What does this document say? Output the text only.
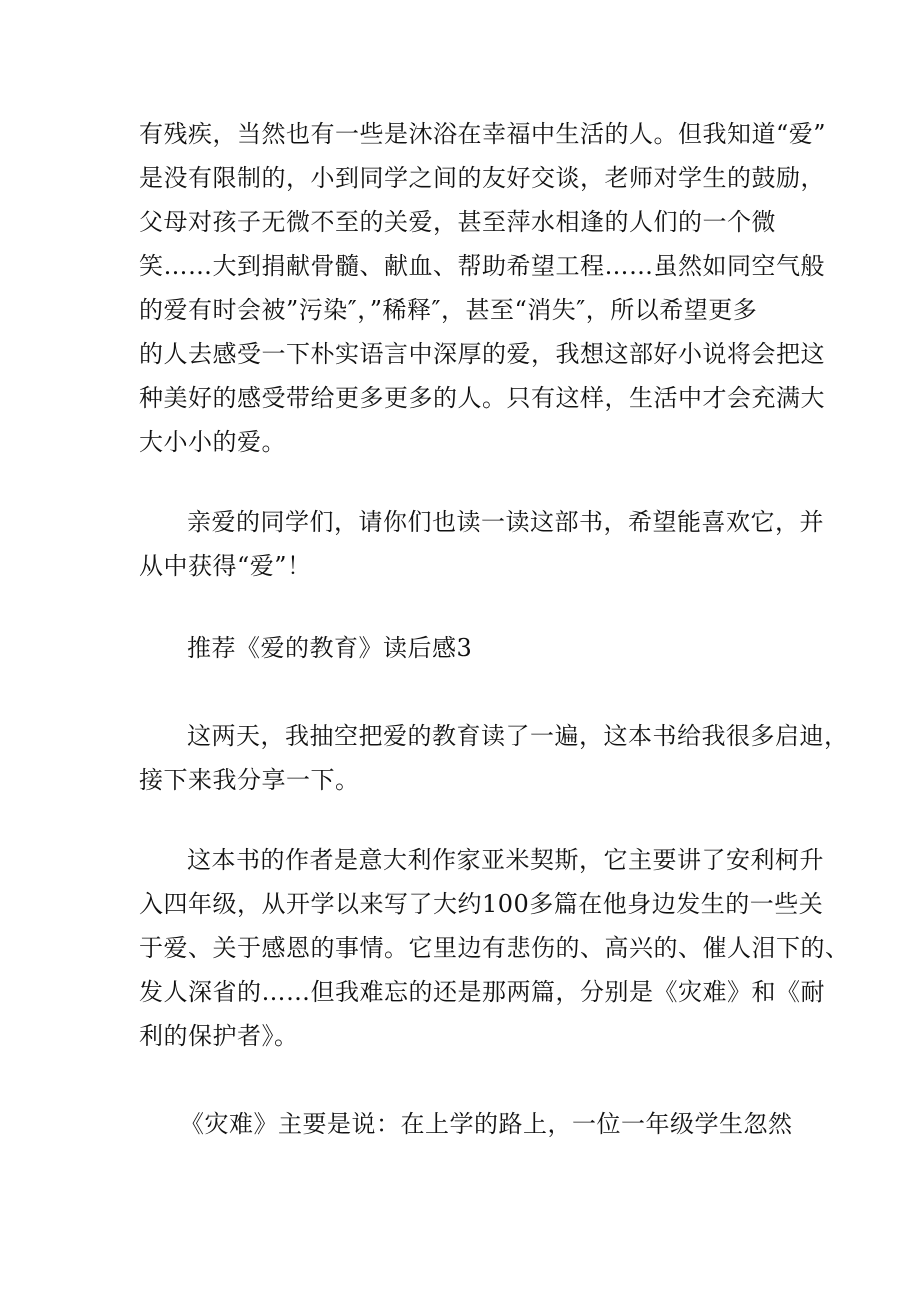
有残疾，当然也有一些是沐浴在幸福中生活的人。但我知道“爱”
是没有限制的，小到同学之间的友好交谈，老师对学生的鼓励，
父母对孩子无微不至的关爱，甚至萍水相逢的人们的一个微
笑……大到捐献骨髓、献血、帮助希望工程……虽然如同空气般
的爱有时会被”污染″，”稀释″，甚至“消失″，所以希望更多
的人去感受一下朴实语言中深厚的爱，我想这部好小说将会把这
种美好的感受带给更多更多的人。只有这样，生活中才会充满大
大小小的爱。
亲爱的同学们，请你们也读一读这部书，希望能喜欢它，并
从中获得“爱”！
推荐《爱的教育》读后感3
这两天，我抽空把爱的教育读了一遍，这本书给我很多启迪，
接下来我分享一下。
这本书的作者是意大利作家亚米契斯，它主要讲了安利柯升
入四年级，从开学以来写了大约100多篇在他身边发生的一些关
于爱、关于感恩的事情。它里边有悲伤的、高兴的、催人泪下的、
发人深省的……但我难忘的还是那两篇，分别是《灾难》和《耐
利的保护者》。
《灾难》主要是说：在上学的路上，一位一年级学生忽然
